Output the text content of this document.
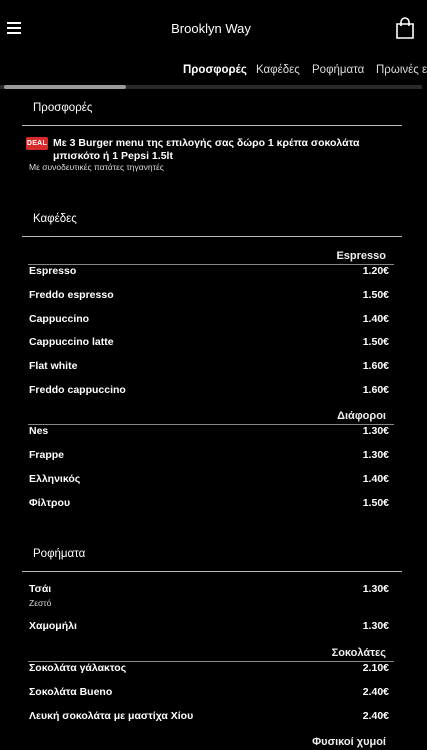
Brooklyn Way
Προσφορές Καφέδες Ροφήματα Πρωινές ε
Προσφορές
DEAL Με 3 Burger menu της επιλογής σας δώρο 1 κρέπα σοκολάτα μπισκότο ή 1 Pepsi 1.5lt
Με συνοδευτικές πατάτες τηγανητές
Καφέδες
Espresso
Espresso	1.20€
Freddo espresso	1.50€
Cappuccino	1.40€
Cappuccino latte	1.50€
Flat white	1.60€
Freddo cappuccino	1.60€
Διάφοροι
Nes	1.30€
Frappe	1.30€
Ελληνικός	1.40€
Φίλτρου	1.50€
Ροφήματα
Τσάι	1.30€
Ζεστό
Χαμομήλι	1.30€
Σοκολάτες
Σοκολάτα γάλακτος	2.10€
Σοκολάτα Bueno	2.40€
Λευκή σοκολάτα με μαστίχα Χίου	2.40€
Φυσικοί χυμοί
